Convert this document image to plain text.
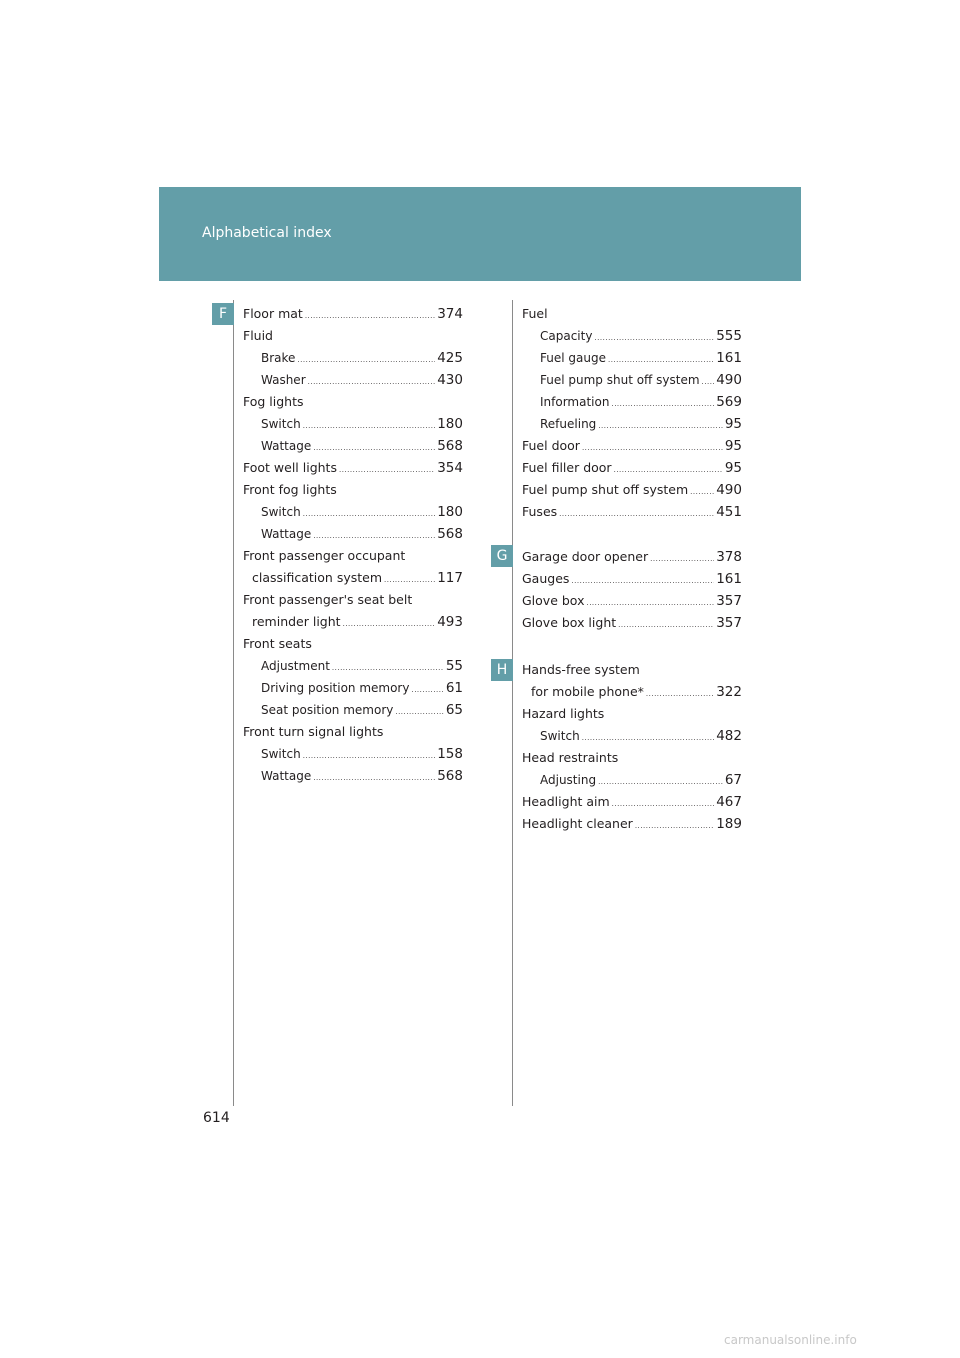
Alphabetical index
F
G
H
Floor mat .....	374
Fluid
Brake .....	425
Washer .....	430
Fog lights
Switch .....	180
Wattage .....	568
Foot well lights .....	354
Front fog lights
Switch .....	180
Wattage .....	568
Front passenger occupant
classification system .....	117
Front passenger's seat belt
reminder light .....	493
Front seats
Adjustment .....	55
Driving position memory .....	61
Seat position memory .....	65
Front turn signal lights
Switch .....	158
Wattage .....	568
Fuel
Capacity .....	555
Fuel gauge .....	161
Fuel pump shut off system ..... 490
Information .....	569
Refueling .....	95
Fuel door .....	95
Fuel filler door .....	95
Fuel pump shut off system ..... 490
Fuses .....	451
Garage door opener .....	378
Gauges .....	161
Glove box .....	357
Glove box light .....	357
Hands-free system
for mobile phone* .....	322
Hazard lights
Switch .....	482
Head restraints
Adjusting .....	67
Headlight aim .....	467
Headlight cleaner .....	189
614
carmanualsonline.info
